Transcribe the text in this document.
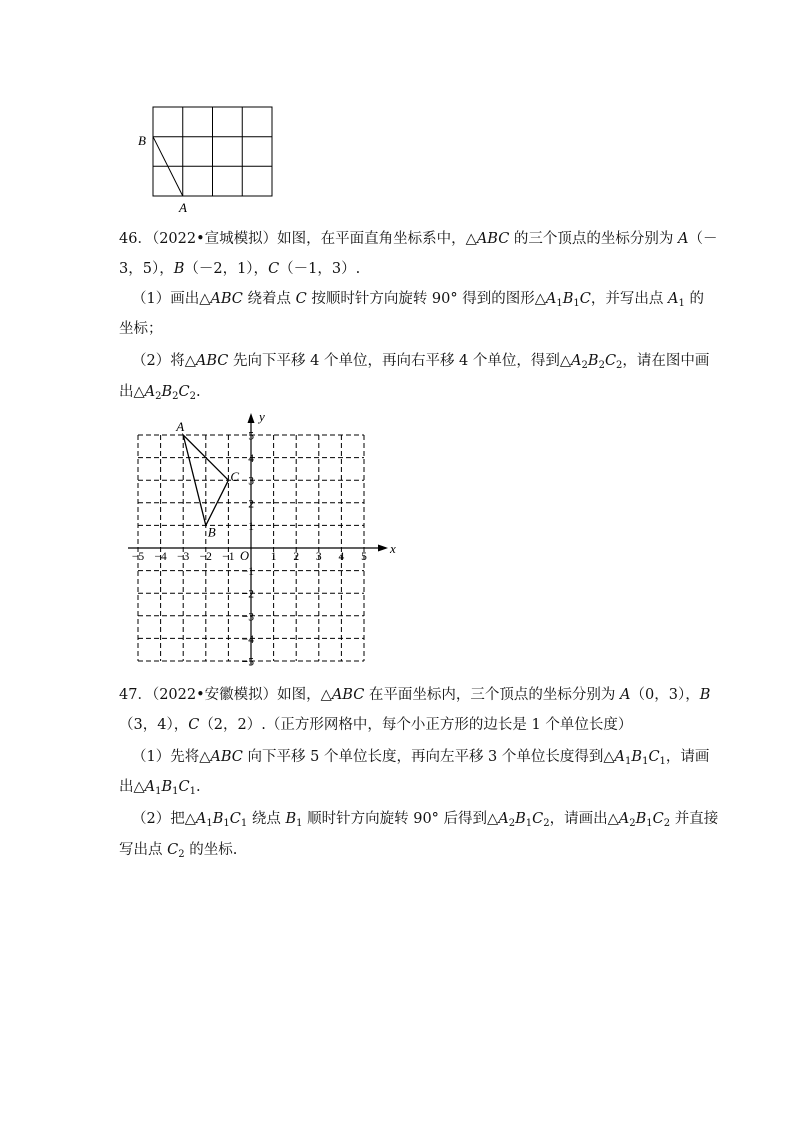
B
A
46．（2022•宣城模拟）如图，在平面直角坐标系中，△ABC 的三个顶点的坐标分别为 A（－
3，5），B（－2，1），C（－1，3）.
（1）画出△ABC 绕着点 C 按顺时针方向旋转 90° 得到的图形$\triangle A_1B_1C$，并写出点 $A_1$ 的
坐标；
（2）将△ABC 先向下平移 4 个单位，再向右平移 4 个单位，得到$\triangle A_2B_2C_2$，请在图中画
出$\triangle A_2B_2C_2$.
−5 −4 −3 −2 −1	1 2 3 4 5
5
4
3
2
1
−1
−2
−3
−4
−5
x
y
O
A
B
C
47．（2022•安徽模拟）如图，△ABC 在平面坐标内，三个顶点的坐标分别为 A（0，3），B
（3，4），C（2，2）.（正方形网格中，每个小正方形的边长是 1 个单位长度）
（1）先将△ABC 向下平移 5 个单位长度，再向左平移 3 个单位长度得到$\triangle A_1B_1C_1$，请画
出$\triangle A_1B_1C_1$.
（2）把$\triangle A_1B_1C_1$ 绕点 $B_1$ 顺时针方向旋转 90° 后得到$\triangle A_2B_1C_2$，请画出$\triangle A_2B_1C_2$ 并直接
写出点 $C_2$ 的坐标.
